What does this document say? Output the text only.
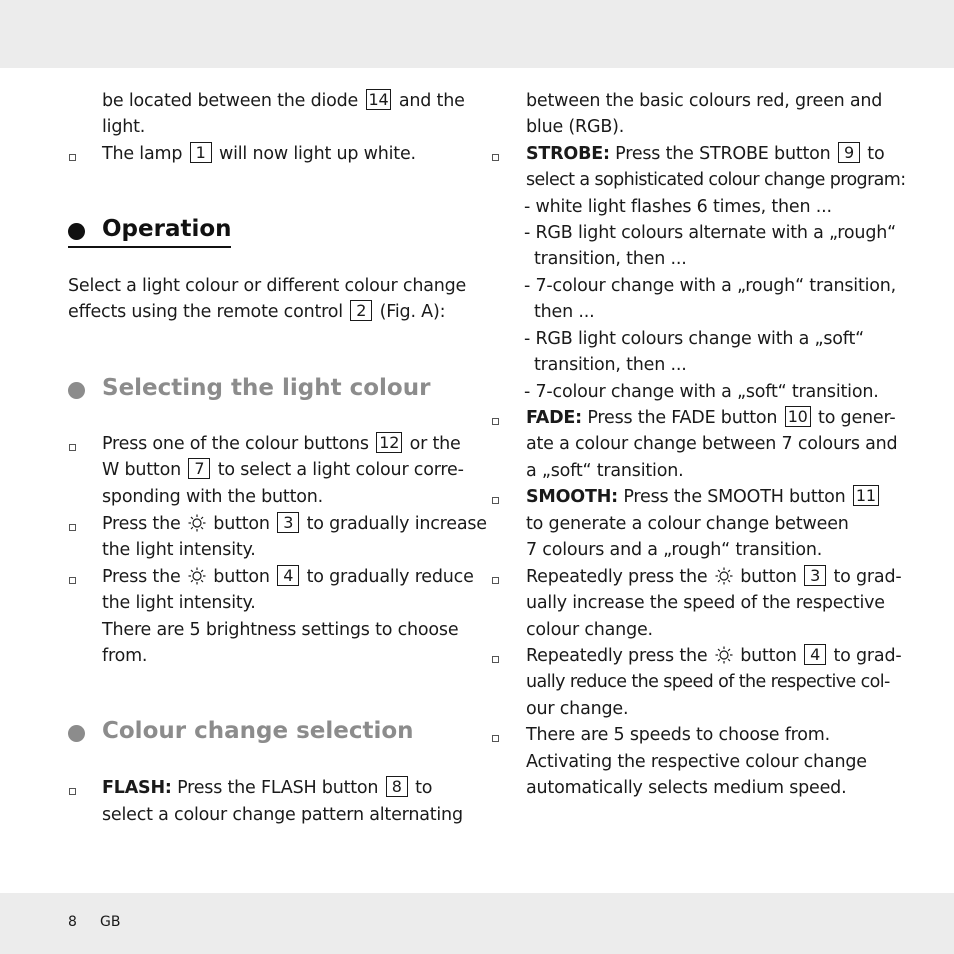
be located between the diode 14 and the
light.
The lamp 1 will now light up white.
Operation
Select a light colour or different colour change
effects using the remote control 2 (Fig. A):
Selecting the light colour
Press one of the colour buttons 12 or the
W button 7 to select a light colour corre-
sponding with the button.
Press the button 3 to gradually increase
the light intensity.
Press the button 4 to gradually reduce
the light intensity.
There are 5 brightness settings to choose
from.
Colour change selection
FLASH: Press the FLASH button 8 to
select a colour change pattern alternating
between the basic colours red, green and
blue (RGB).
STROBE: Press the STROBE button 9 to
select a sophisticated colour change program:
- white light flashes 6 times, then ...
- RGB light colours alternate with a „rough“
transition, then ...
- 7-colour change with a „rough“ transition,
then ...
- RGB light colours change with a „soft“
transition, then ...
- 7-colour change with a „soft“ transition.
FADE: Press the FADE button 10 to gener-
ate a colour change between 7 colours and
a „soft“ transition.
SMOOTH: Press the SMOOTH button 11
to generate a colour change between
7 colours and a „rough“ transition.
Repeatedly press the button 3 to grad-
ually increase the speed of the respective
colour change.
Repeatedly press the button 4 to grad-
ually reduce the speed of the respective col-
our change.
There are 5 speeds to choose from.
Activating the respective colour change
automatically selects medium speed.
8 GB
